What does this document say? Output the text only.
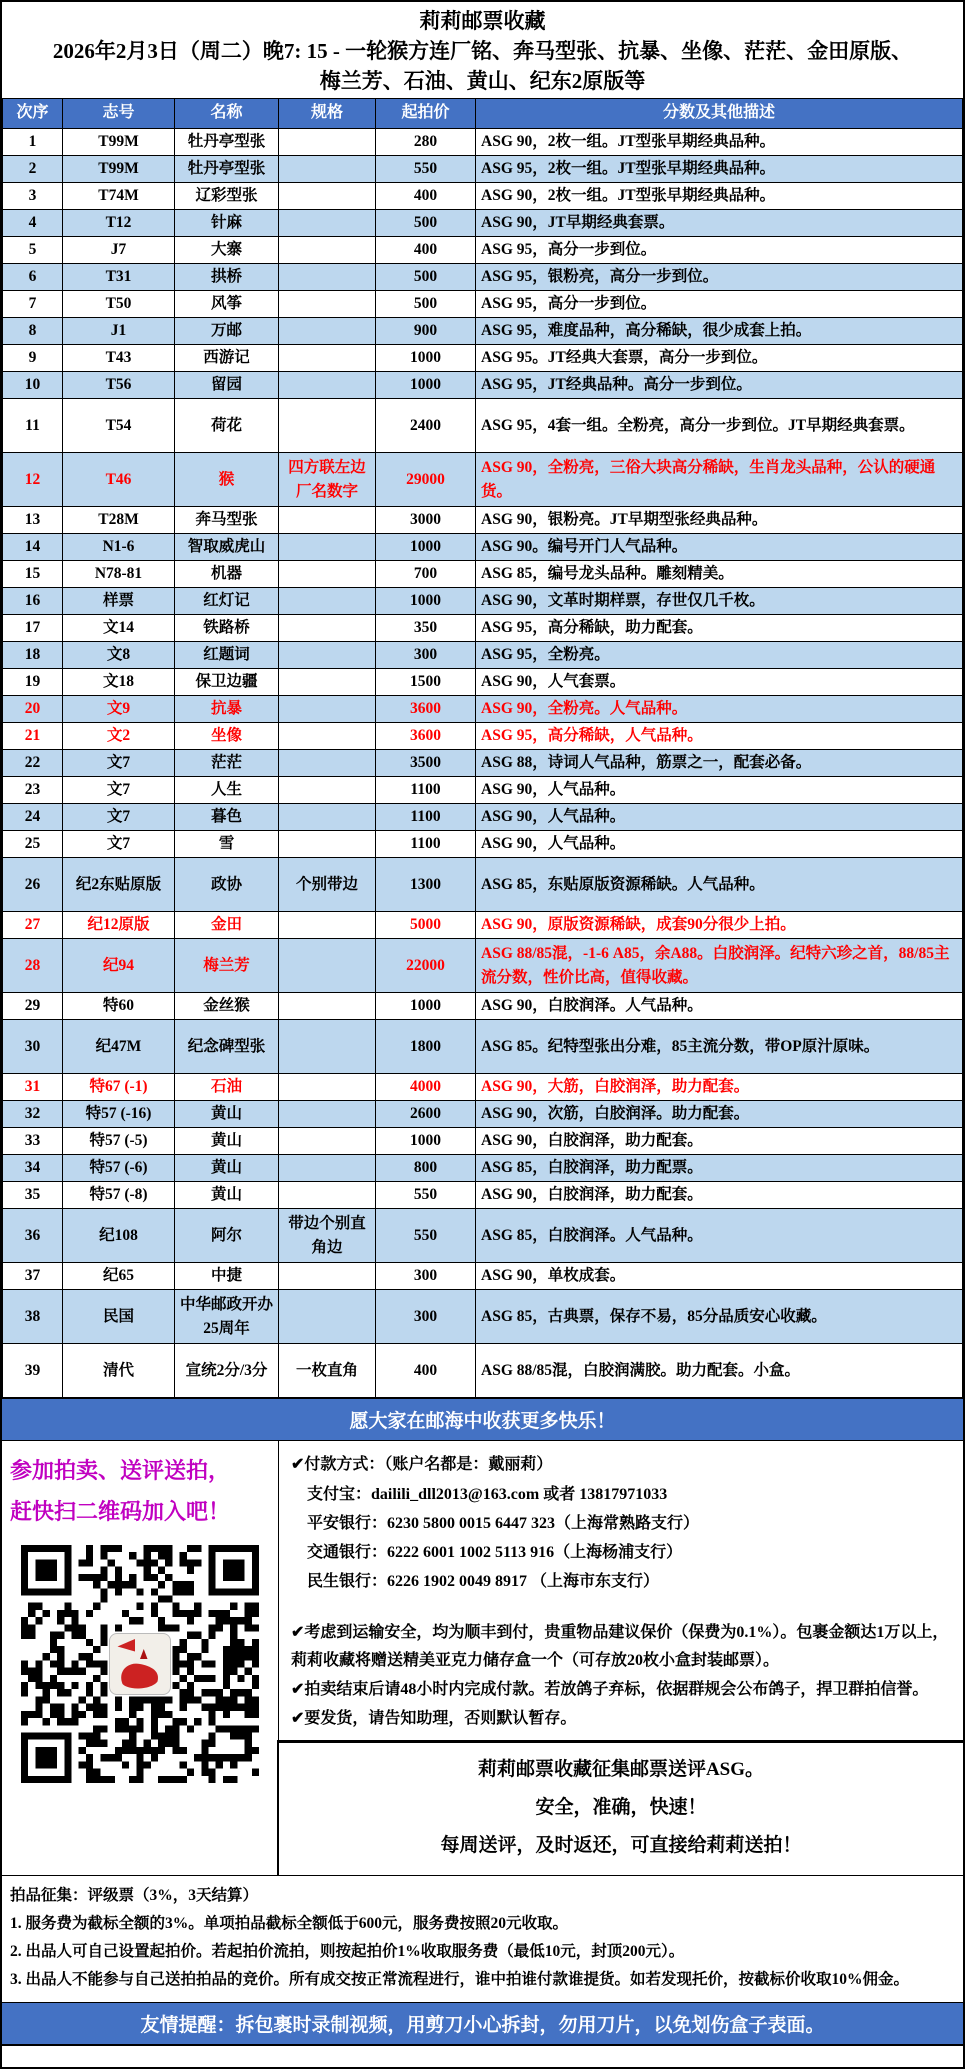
莉莉邮票收藏
2026年2月3日（周二）晚7: 15 - 一轮猴方连厂铭、奔马型张、抗暴、坐像、茫茫、金田原版、
梅兰芳、石油、黄山、纪东2原版等
次序	志号	名称	规格	起拍价	分数及其他描述
1	T99M	牡丹亭型张		280	ASG 90，2枚一组。JT型张早期经典品种。
2	T99M	牡丹亭型张		550	ASG 95，2枚一组。JT型张早期经典品种。
3	T74M	辽彩型张		400	ASG 90，2枚一组。JT型张早期经典品种。
4	T12	针麻		500	ASG 90，JT早期经典套票。
5	J7	大寨		400	ASG 95，高分一步到位。
6	T31	拱桥		500	ASG 95，银粉亮，高分一步到位。
7	T50	风筝		500	ASG 95，高分一步到位。
8	J1	万邮		900	ASG 95，难度品种，高分稀缺，很少成套上拍。
9	T43	西游记		1000	ASG 95。JT经典大套票，高分一步到位。
10	T56	留园		1000	ASG 95，JT经典品种。高分一步到位。
11	T54	荷花		2400	ASG 95，4套一组。全粉亮，高分一步到位。JT早期经典套票。
12	T46	猴	四方联左边厂名数字	29000	ASG 90，全粉亮，三俗大块高分稀缺，生肖龙头品种，公认的硬通货。
13	T28M	奔马型张		3000	ASG 90，银粉亮。JT早期型张经典品种。
14	N1-6	智取威虎山		1000	ASG 90。编号开门人气品种。
15	N78-81	机器		700	ASG 85，编号龙头品种。雕刻精美。
16	样票	红灯记		1000	ASG 90，文革时期样票，存世仅几千枚。
17	文14	铁路桥		350	ASG 95，高分稀缺，助力配套。
18	文8	红题词		300	ASG 95，全粉亮。
19	文18	保卫边疆		1500	ASG 90，人气套票。
20	文9	抗暴		3600	ASG 90，全粉亮。人气品种。
21	文2	坐像		3600	ASG 95，高分稀缺，人气品种。
22	文7	茫茫		3500	ASG 88，诗词人气品种，筋票之一，配套必备。
23	文7	人生		1100	ASG 90，人气品种。
24	文7	暮色		1100	ASG 90，人气品种。
25	文7	雪		1100	ASG 90，人气品种。
26	纪2东贴原版	政协	个别带边	1300	ASG 85，东贴原版资源稀缺。人气品种。
27	纪12原版	金田		5000	ASG 90，原版资源稀缺，成套90分很少上拍。
28	纪94	梅兰芳		22000	ASG 88/85混，-1-6 A85，余A88。白胶润泽。纪特六珍之首，88/85主流分数，性价比高，值得收藏。
29	特60	金丝猴		1000	ASG 90，白胶润泽。人气品种。
30	纪47M	纪念碑型张		1800	ASG 85。纪特型张出分难，85主流分数，带OP原汁原味。
31	特67 (-1)	石油		4000	ASG 90，大筋，白胶润泽，助力配套。
32	特57 (-16)	黄山		2600	ASG 90，次筋，白胶润泽。助力配套。
33	特57 (-5)	黄山		1000	ASG 90，白胶润泽，助力配套。
34	特57 (-6)	黄山		800	ASG 85，白胶润泽，助力配票。
35	特57 (-8)	黄山		550	ASG 90，白胶润泽，助力配套。
36	纪108	阿尔	带边个别直角边	550	ASG 85，白胶润泽。人气品种。
37	纪65	中捷		300	ASG 90，单枚成套。
38	民国	中华邮政开办25周年		300	ASG 85，古典票，保存不易，85分品质安心收藏。
39	清代	宣统2分/3分	一枚直角	400	ASG 88/85混，白胶润满胶。助力配套。小盒。
愿大家在邮海中收获更多快乐！
参加拍卖、送评送拍，
赶快扫二维码加入吧！
✔付款方式：（账户名都是：戴丽莉）
支付宝：dailili_dll2013@163.com 或者 13817971033
平安银行：6230 5800 0015 6447 323（上海常熟路支行）
交通银行：6222 6001 1002 5113 916（上海杨浦支行）
民生银行：6226 1902 0049 8917 （上海市东支行）
✔考虑到运输安全，均为顺丰到付，贵重物品建议保价（保费为0.1%）。包裹金额达1万以上，莉莉收藏将赠送精美亚克力储存盒一个（可存放20枚小盒封装邮票）。
✔拍卖结束后请48小时内完成付款。若放鸽子弃标，依据群规会公布鸽子，捍卫群拍信誉。
✔要发货，请告知助理，否则默认暂存。
莉莉邮票收藏征集邮票送评ASG。
安全，准确，快速！
每周送评，及时返还，可直接给莉莉送拍！
拍品征集：评级票（3%，3天结算）
1. 服务费为截标全额的3%。单项拍品截标全额低于600元，服务费按照20元收取。
2. 出品人可自己设置起拍价。若起拍价流拍，则按起拍价1%收取服务费（最低10元，封顶200元）。
3. 出品人不能参与自己送拍拍品的竞价。所有成交按正常流程进行，谁中拍谁付款谁提货。如若发现托价，按截标价收取10%佣金。
友情提醒：拆包裹时录制视频，用剪刀小心拆封，勿用刀片，以免划伤盒子表面。
